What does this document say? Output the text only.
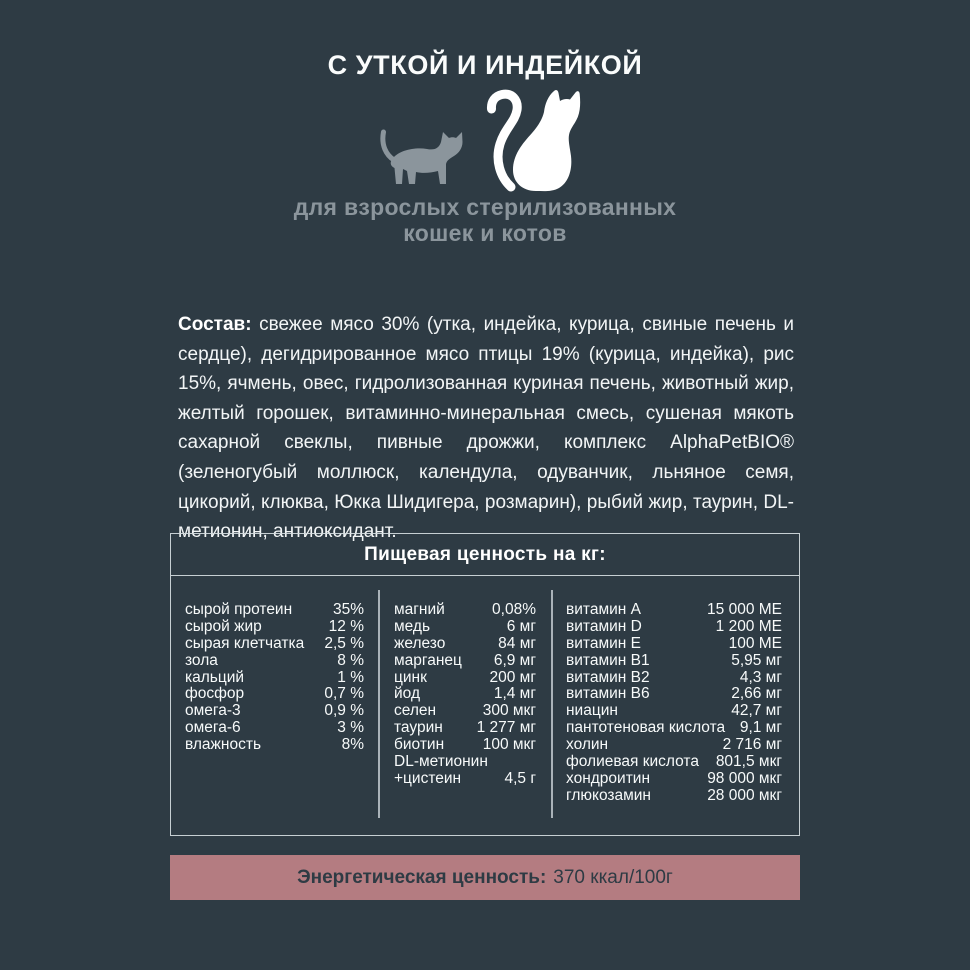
С УТКОЙ И ИНДЕЙКОЙ
для взрослых стерилизованных
кошек и котов

Состав: свежее мясо 30% (утка, индейка, курица, свиные печень и сердце), дегидрированное мясо птицы 19% (курица, индейка), рис 15%, ячмень, овес, гидролизованная куриная печень, животный жир, желтый горошек, витаминно-минеральная смесь, сушеная мякоть сахарной свеклы, пивные дрожжи, комплекс AlphaPetBIO® (зеленогубый моллюск, календула, одуванчик, льняное семя, цикорий, клюква, Юкка Шидигера, розмарин), рыбий жир, таурин, DL-метионин, антиоксидант.

Пищевая ценность на кг:
сырой протеин	35%
сырой жир	12 %
сырая клетчатка 2,5 %
зола	8 %
кальций	1 %
фосфор	0,7 %
омега-3	0,9 %
омега-6	3 %
влажность	8%
магний	0,08%
медь	6 мг
железо	84 мг
марганец 6,9 мг
цинк	200 мг
йод	1,4 мг
селен	300 мкг
таурин 1 277 мг
биотин 100 мкг
DL-метионин
+цистеин	4,5 г
витамин A	15 000 МЕ
витамин D	1 200 МЕ
витамин E	100 МЕ
витамин B1	5,95 мг
витамин B2	4,3 мг
витамин B6	2,66 мг
ниацин	42,7 мг
пантотеновая кислота 9,1 мг
холин	2 716 мг
фолиевая кислота 801,5 мкг
хондроитин	98 000 мкг
глюкозамин	28 000 мкг
Энергетическая ценность: 370 ккал/100г
